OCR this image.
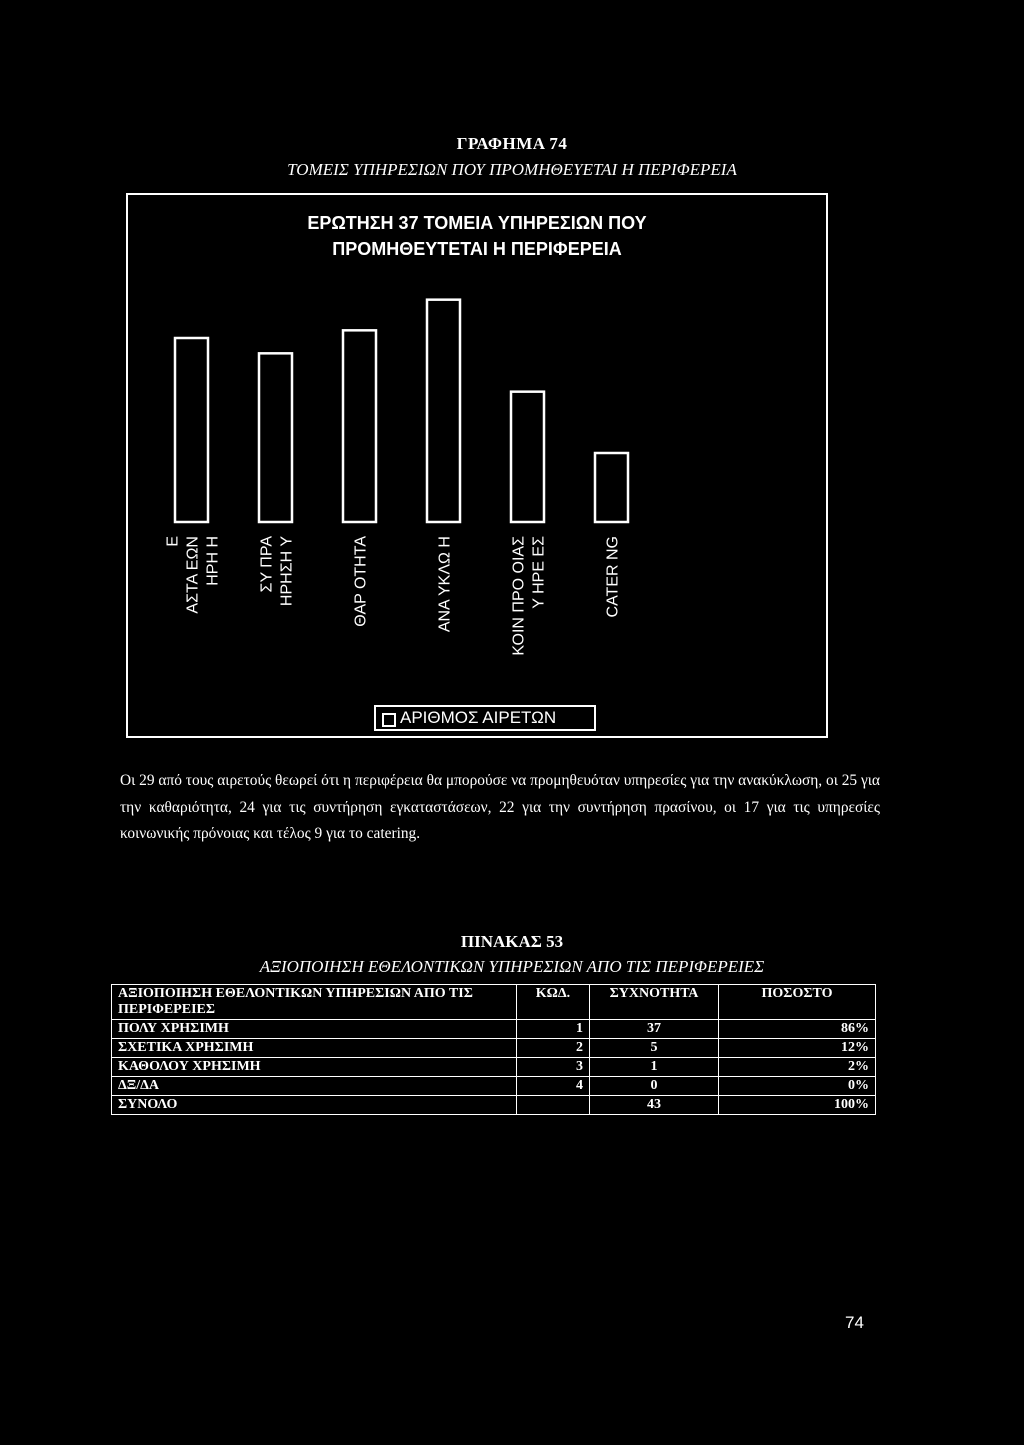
ΓΡΑΦΗΜΑ 74
ΤΟΜΕΙΣ ΥΠΗΡΕΣΙΩΝ ΠΟΥ ΠΡΟΜΗΘΕΥΕΤΑΙ Η ΠΕΡΙΦΕΡΕΙΑ
ΕΡΩΤΗΣΗ 37 ΤΟΜΕΙΑ ΥΠΗΡΕΣΙΩΝ ΠΟΥ
ΠΡΟΜΗΘΕΥΤΕΤΑΙ Η ΠΕΡΙΦΕΡΕΙΑ
Ε ΑΣΤΑ ΕΩΝ ΗΡΗ Η ΣΥ ΠΡΑ ΗΡΗΣΗ Υ	ΘΑΡ ΟΤΗΤΑ	ΑΝΑ ΥΚΛΩ Η	ΚΟΙΝ ΠΡΟ ΟΙΑΣ Υ ΗΡΕ ΕΣ	CATER NG
ΑΡΙΘΜΟΣ ΑΙΡΕΤΩΝ
Οι 29 από τους αιρετούς θεωρεί ότι η περιφέρεια θα μπορούσε να προμηθευόταν υπηρεσίες για την ανακύκλωση, οι 25 για την καθαριότητα, 24 για τις συντήρηση εγκαταστάσεων, 22 για την συντήρηση πρασίνου, οι 17 για τις υπηρεσίες κοινωνικής πρόνοιας και τέλος 9 για το catering.
ΠΙΝΑΚΑΣ 53
ΑΞΙΟΠΟΙΗΣΗ ΕΘΕΛΟΝΤΙΚΩΝ ΥΠΗΡΕΣΙΩΝ ΑΠΟ ΤΙΣ ΠΕΡΙΦΕΡΕΙΕΣ
ΑΞΙΟΠΟΙΗΣΗ ΕΘΕΛΟΝΤΙΚΩΝ ΥΠΗΡΕΣΙΩΝ ΑΠΟ ΤΙΣ ΠΕΡΙΦΕΡΕΙΕΣ	ΚΩΔ.	ΣΥΧΝΟΤΗΤΑ	ΠΟΣΟΣΤΟ
ΠΟΛΥ ΧΡΗΣΙΜΗ	1	37	86%
ΣΧΕΤΙΚΑ ΧΡΗΣΙΜΗ	2	5	12%
ΚΑΘΟΛΟΥ ΧΡΗΣΙΜΗ	3	1	2%
ΔΞ/ΔΑ	4	0	0%
ΣΥΝΟΛΟ		43	100%
74
